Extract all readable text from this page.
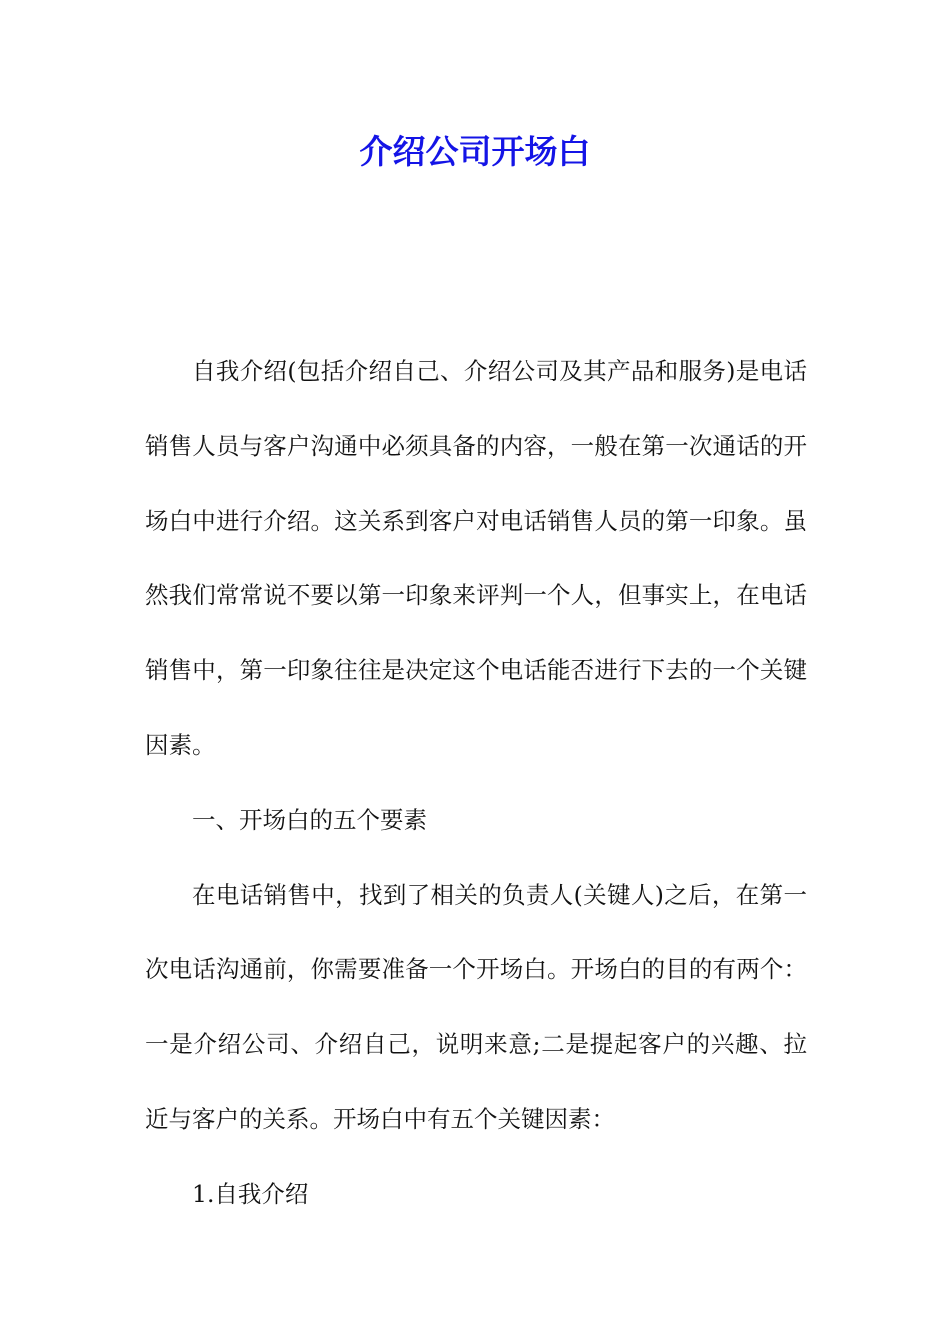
介绍公司开场白

自我介绍(包括介绍自己、介绍公司及其产品和服务)是电话销售人员与客户沟通中必须具备的内容，一般在第一次通话的开场白中进行介绍。这关系到客户对电话销售人员的第一印象。虽然我们常常说不要以第一印象来评判一个人，但事实上，在电话销售中，第一印象往往是决定这个电话能否进行下去的一个关键因素。

一、开场白的五个要素

在电话销售中，找到了相关的负责人(关键人)之后，在第一次电话沟通前，你需要准备一个开场白。开场白的目的有两个：一是介绍公司、介绍自己，说明来意;二是提起客户的兴趣、拉近与客户的关系。开场白中有五个关键因素：

1.自我介绍
